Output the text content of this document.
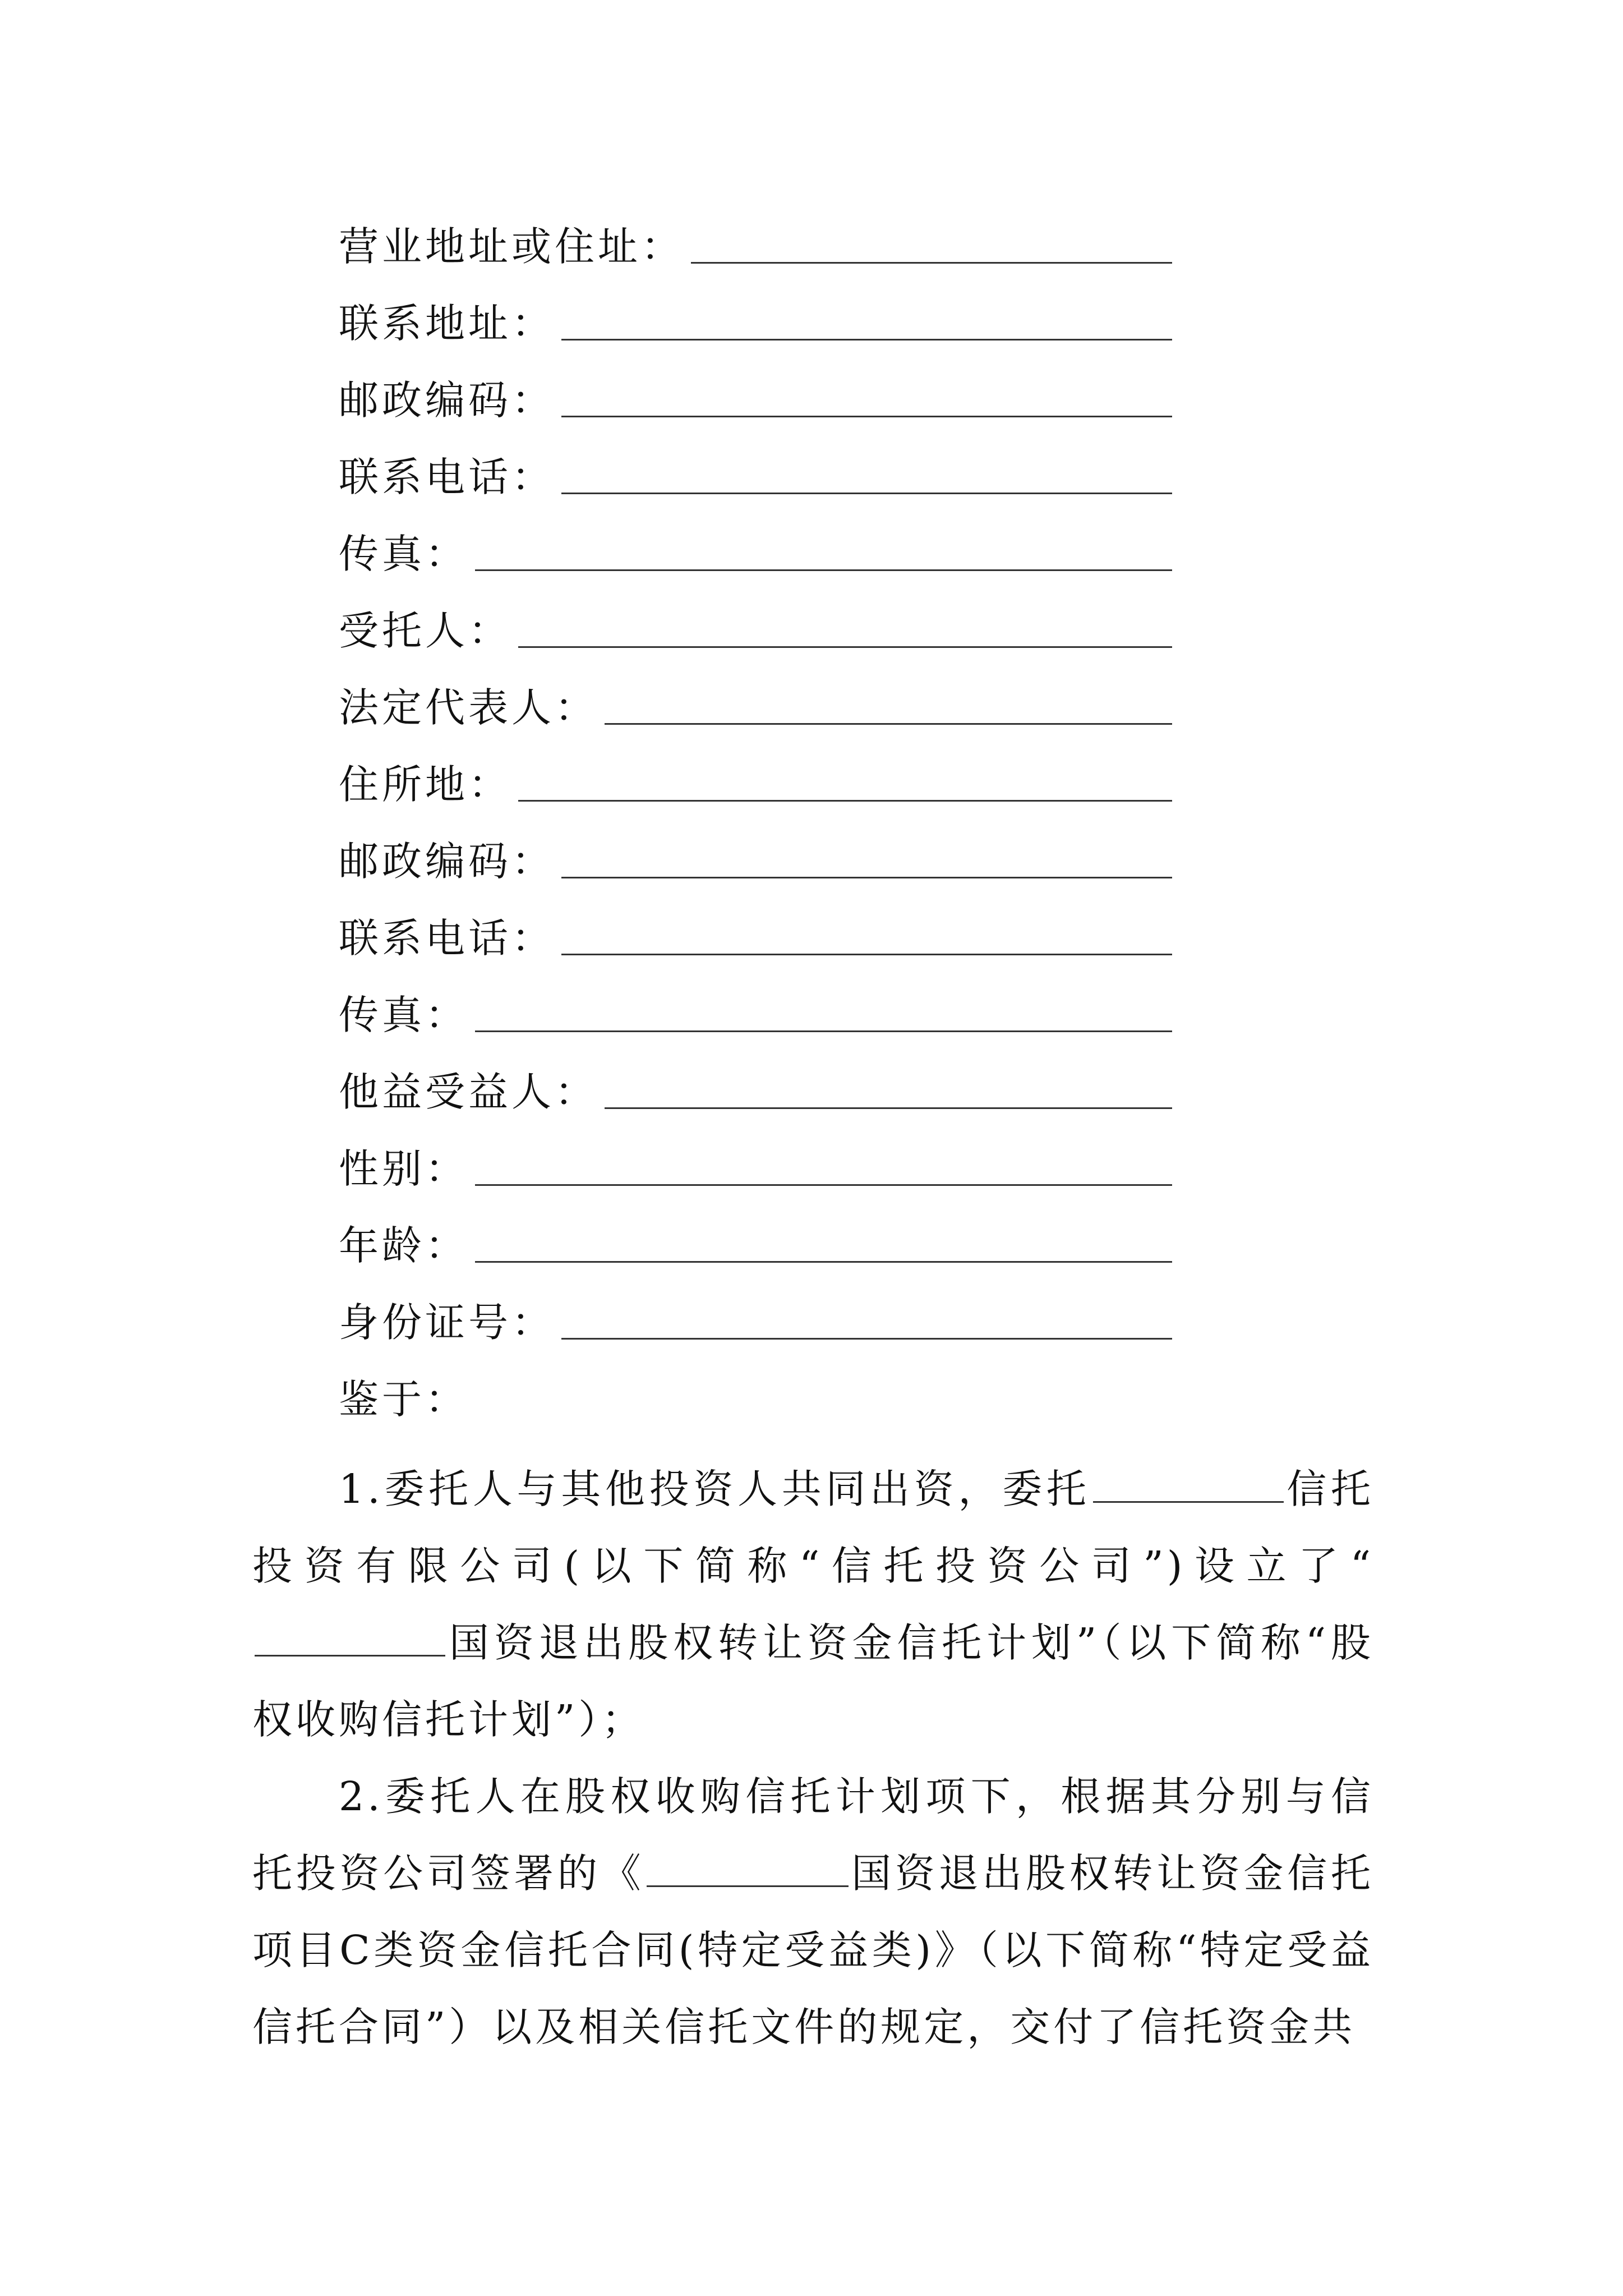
营业地址或住址：
联系地址：
邮政编码：
联系电话：
传真：
受托人：
法定代表人：
住所地：
邮政编码：
联系电话：
传真：
他益受益人：
性别：
年龄：
身份证号：
鉴于：
1.委托人与其他投资人共同出资，委托	信托投资有限公司(以下简称“信托投资公司”)设立了“国资退出股权转让资金信托计划”（以下简称“股权收购信托计划”）；
2.委托人在股权收购信托计划项下，根据其分别与信托投资公司签署的《	国资退出股权转让资金信托项目C类资金信托合同(特定受益类)》（以下简称“特定受益信托合同”）以及相关信托文件的规定，交付了信托资金共
